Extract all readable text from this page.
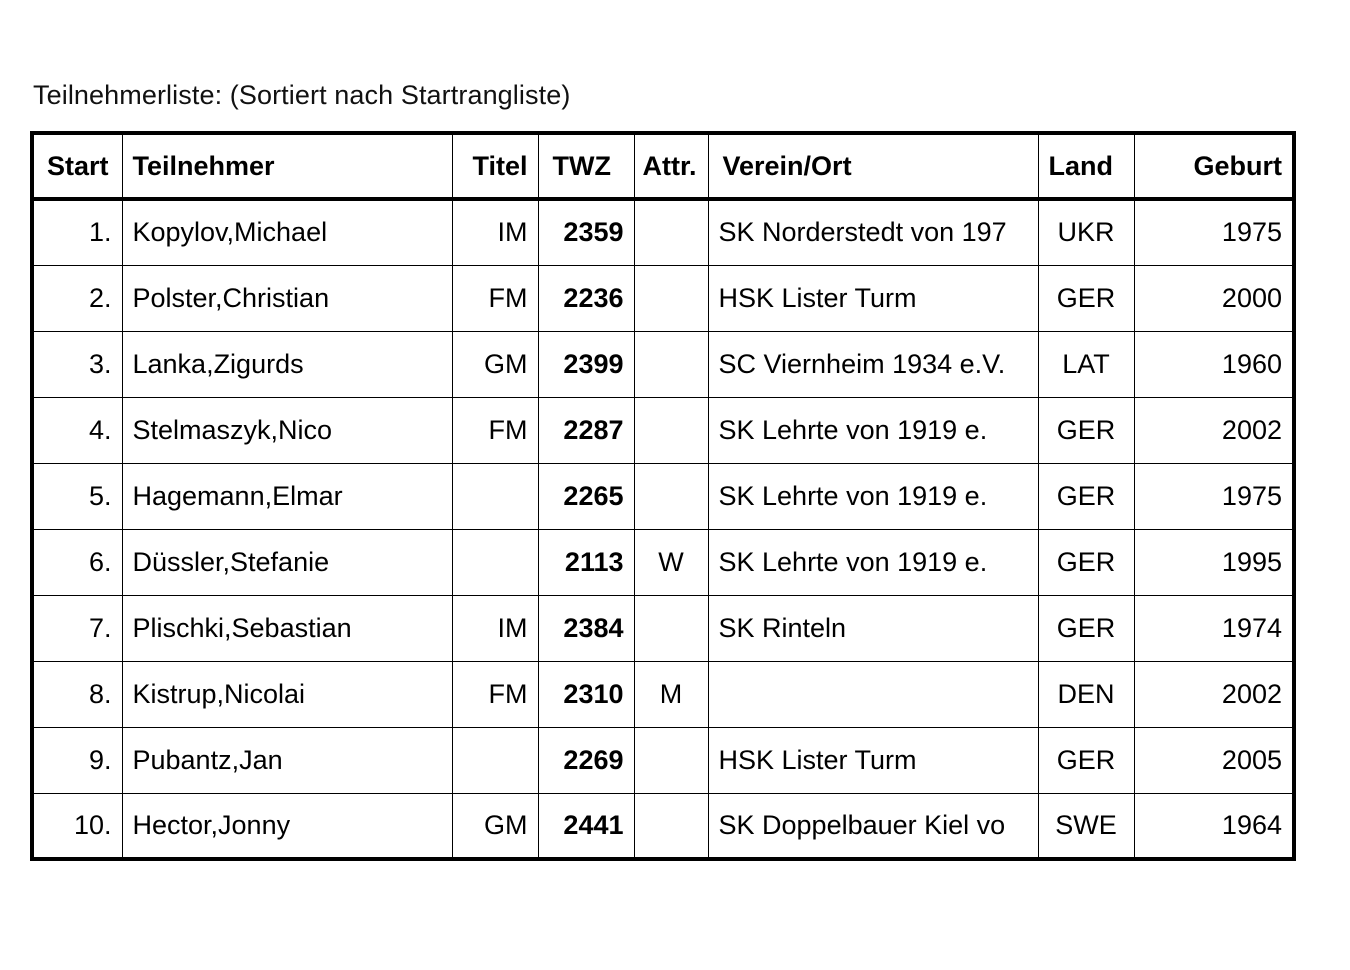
Teilnehmerliste: (Sortiert nach Startrangliste)
Start	Teilnehmer	Titel	TWZ	Attr.	Verein/Ort	Land	Geburt
1.	Kopylov,Michael	IM	2359		SK Norderstedt von 197	UKR	1975
2.	Polster,Christian	FM	2236		HSK Lister Turm	GER	2000
3.	Lanka,Zigurds	GM	2399		SC Viernheim 1934 e.V.	LAT	1960
4.	Stelmaszyk,Nico	FM	2287		SK Lehrte von 1919 e.	GER	2002
5.	Hagemann,Elmar		2265		SK Lehrte von 1919 e.	GER	1975
6.	Düssler,Stefanie		2113	W	SK Lehrte von 1919 e.	GER	1995
7.	Plischki,Sebastian	IM	2384		SK Rinteln	GER	1974
8.	Kistrup,Nicolai	FM	2310	M		DEN	2002
9.	Pubantz,Jan		2269		HSK Lister Turm	GER	2005
10.	Hector,Jonny	GM	2441		SK Doppelbauer Kiel vo	SWE	1964
